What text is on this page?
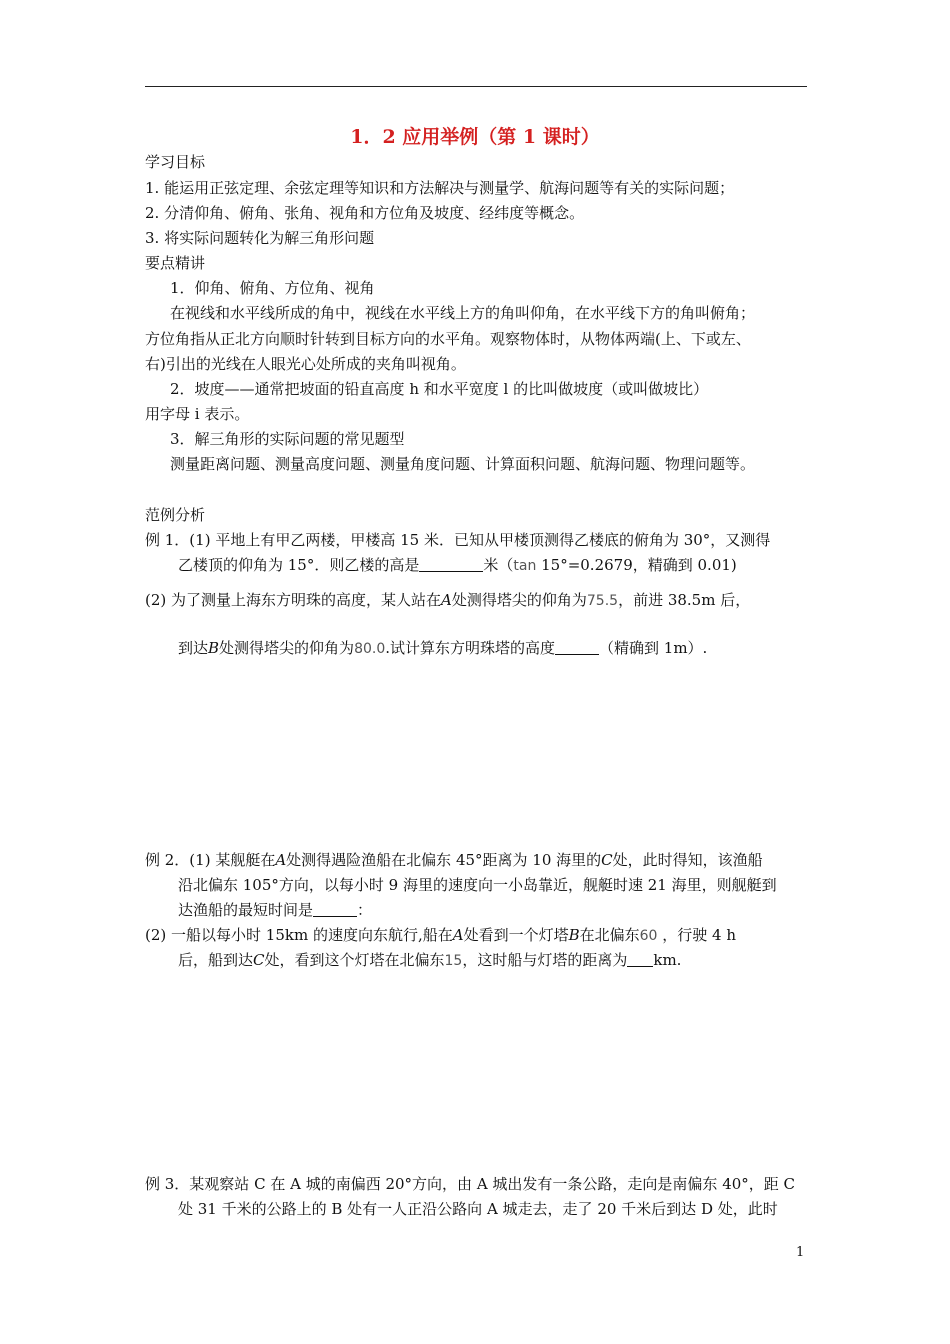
1．2 应用举例（第 1 课时）
学习目标
1. 能运用正弦定理、余弦定理等知识和方法解决与测量学、航海问题等有关的实际问题；
2. 分清仰角、俯角、张角、视角和方位角及坡度、经纬度等概念。
3. 将实际问题转化为解三角形问题
要点精讲
1．仰角、俯角、方位角、视角
在视线和水平线所成的角中，视线在水平线上方的角叫仰角，在水平线下方的角叫俯角；
方位角指从正北方向顺时针转到目标方向的水平角。观察物体时，从物体两端(上、下或左、
右)引出的光线在人眼光心处所成的夹角叫视角。
2．坡度——通常把坡面的铅直高度 h 和水平宽度 l 的比叫做坡度（或叫做坡比）
用字母 i 表示。
3．解三角形的实际问题的常见题型
测量距离问题、测量高度问题、测量角度问题、计算面积问题、航海问题、物理问题等。
范例分析
例 1．(1) 平地上有甲乙两楼，甲楼高 15 米．已知从甲楼顶测得乙楼底的俯角为 30°，又测得
乙楼顶的仰角为 15°．则乙楼的高是	米（tan 15°=0.2679，精确到 0.01)
(2) 为了测量上海东方明珠的高度，某人站在A处测得塔尖的仰角为75.5，前进 38.5m 后，
到达B处测得塔尖的仰角为80.0.试计算东方明珠塔的高度	（精确到 1m）.
例 2．(1) 某舰艇在A处测得遇险渔船在北偏东 45°距离为 10 海里的C处，此时得知，该渔船
沿北偏东 105°方向，以每小时 9 海里的速度向一小岛靠近，舰艇时速 21 海里，则舰艇到
达渔船的最短时间是	：
(2) 一船以每小时 15km 的速度向东航行,船在A处看到一个灯塔B在北偏东60 ，行驶 4 h
后，船到达C处，看到这个灯塔在北偏东15，这时船与灯塔的距离为 km.
例 3．某观察站 C 在 A 城的南偏西 20°方向，由 A 城出发有一条公路，走向是南偏东 40°，距 C
处 31 千米的公路上的 B 处有一人正沿公路向 A 城走去，走了 20 千米后到达 D 处，此时
1
